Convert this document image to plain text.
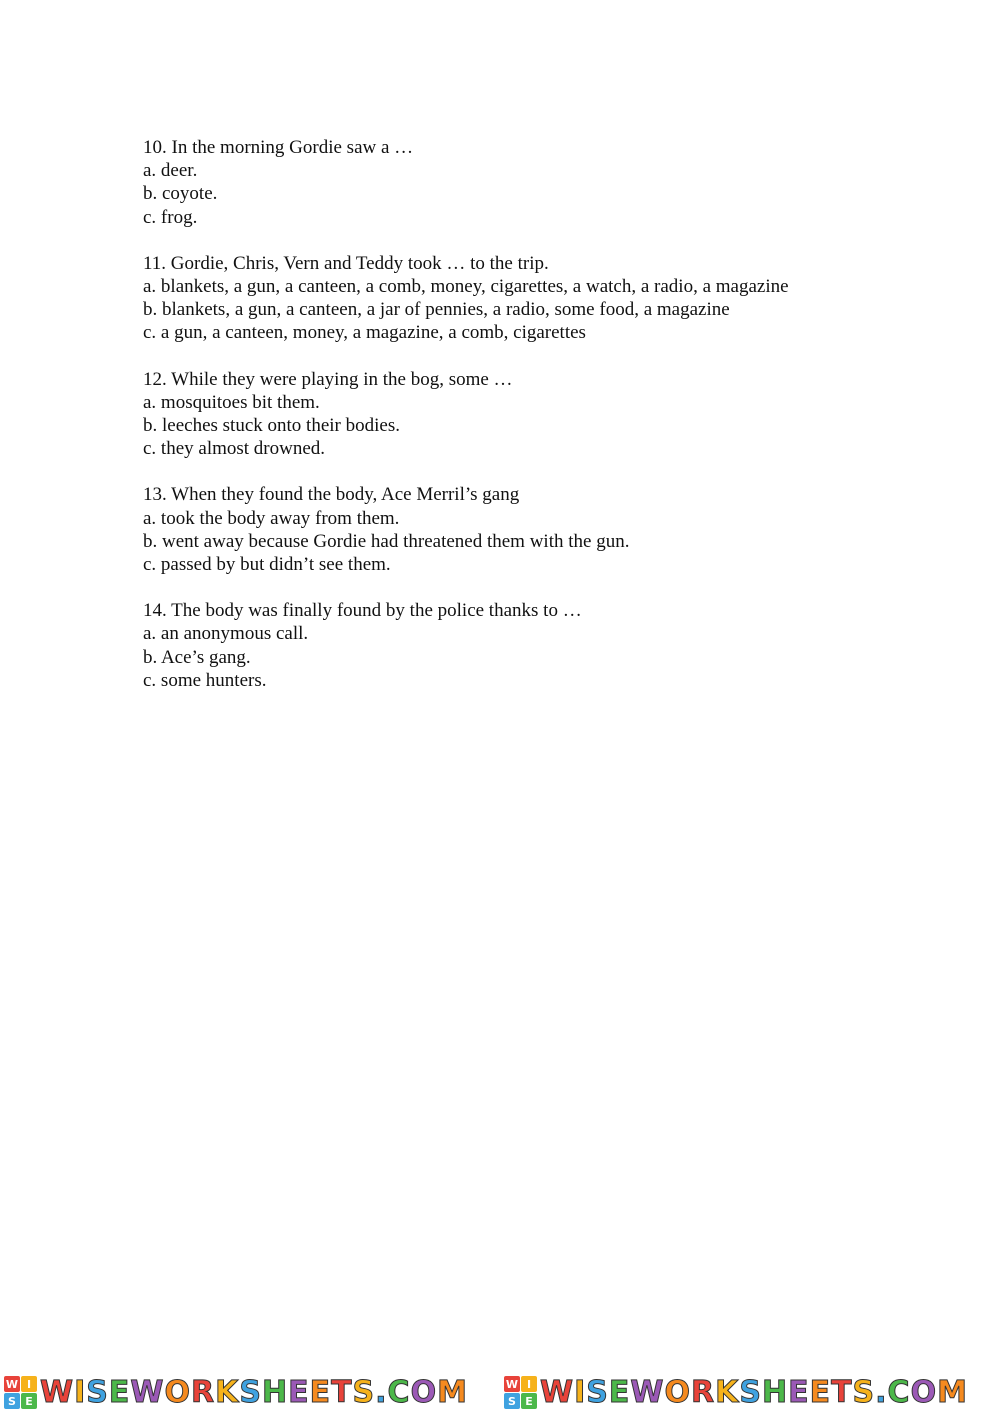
10. In the morning Gordie saw a …
a. deer.
b. coyote.
c. frog.
11. Gordie, Chris, Vern and Teddy took … to the trip.
a. blankets, a gun, a canteen, a comb, money, cigarettes, a watch, a radio, a magazine
b. blankets, a gun, a canteen, a jar of pennies, a radio, some food, a magazine
c. a gun, a canteen, money, a magazine, a comb, cigarettes
12. While they were playing in the bog, some …
a. mosquitoes bit them.
b. leeches stuck onto their bodies.
c. they almost drowned.
13. When they found the body, Ace Merril’s gang
a. took the body away from them.
b. went away because Gordie had threatened them with the gun.
c. passed by but didn’t see them.
14. The body was finally found by the police thanks to …
a. an anonymous call.
b. Ace’s gang.
c. some hunters.
W I
S E WISEWORKSHEETS.COM	W I
S E WISEWORKSHEETS.COM
